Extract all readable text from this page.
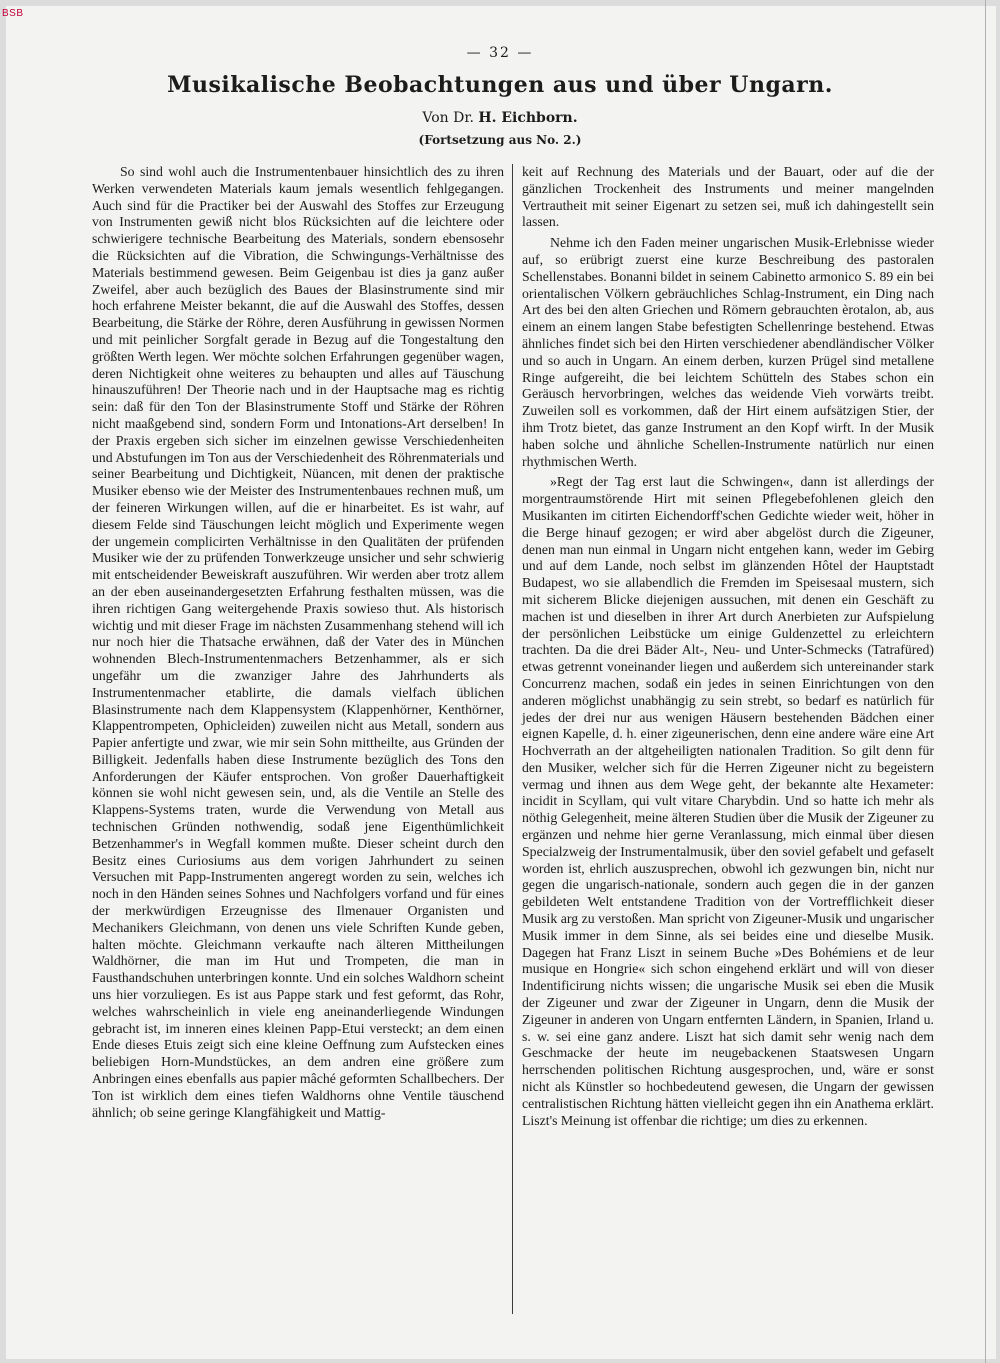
BSB
— 32 —
Musikalische Beobachtungen aus und über Ungarn.
Von Dr. H. Eichborn.
(Fortsetzung aus No. 2.)

So sind wohl auch die Instrumentenbauer hinsichtlich des zu ihren Werken verwendeten Materials kaum jemals wesentlich fehlgegangen. Auch sind für die Practiker bei der Auswahl des Stoffes zur Erzeugung von Instrumenten gewiß nicht blos Rücksichten auf die leichtere oder schwierigere technische Bearbeitung des Materials, sondern ebensosehr die Rücksichten auf die Vibration, die Schwingungs-Verhältnisse des Materials bestimmend gewesen. Beim Geigenbau ist dies ja ganz außer Zweifel, aber auch bezüglich des Baues der Blasinstrumente sind mir hoch erfahrene Meister bekannt, die auf die Auswahl des Stoffes, dessen Bearbeitung, die Stärke der Röhre, deren Ausführung in gewissen Normen und mit peinlicher Sorgfalt gerade in Bezug auf die Tongestaltung den größten Werth legen. Wer möchte solchen Erfahrungen gegenüber wagen, deren Nichtigkeit ohne weiteres zu behaupten und alles auf Täuschung hinauszuführen! Der Theorie nach und in der Hauptsache mag es richtig sein: daß für den Ton der Blasinstrumente Stoff und Stärke der Röhren nicht maaßgebend sind, sondern Form und Intonations-Art derselben! In der Praxis ergeben sich sicher im einzelnen gewisse Verschiedenheiten und Abstufungen im Ton aus der Verschiedenheit des Röhrenmaterials und seiner Bearbeitung und Dichtigkeit, Nüancen, mit denen der praktische Musiker ebenso wie der Meister des Instrumentenbaues rechnen muß, um der feineren Wirkungen willen, auf die er hinarbeitet. Es ist wahr, auf diesem Felde sind Täuschungen leicht möglich und Experimente wegen der ungemein complicirten Verhältnisse in den Qualitäten der prüfenden Musiker wie der zu prüfenden Tonwerkzeuge unsicher und sehr schwierig mit entscheidender Beweiskraft auszuführen. Wir werden aber trotz allem an der eben auseinandergesetzten Erfahrung festhalten müssen, was die ihren richtigen Gang weitergehende Praxis sowieso thut. Als historisch wichtig und mit dieser Frage im nächsten Zusammenhang stehend will ich nur noch hier die Thatsache erwähnen, daß der Vater des in München wohnenden Blech-Instrumentenmachers Betzenhammer, als er sich ungefähr um die zwanziger Jahre des Jahrhunderts als Instrumentenmacher etablirte, die damals vielfach üblichen Blasinstrumente nach dem Klappensystem (Klappenhörner, Kenthörner, Klappentrompeten, Ophicleiden) zuweilen nicht aus Metall, sondern aus Papier anfertigte und zwar, wie mir sein Sohn mittheilte, aus Gründen der Billigkeit. Jedenfalls haben diese Instrumente bezüglich des Tons den Anforderungen der Käufer entsprochen. Von großer Dauerhaftigkeit können sie wohl nicht gewesen sein, und, als die Ventile an Stelle des Klappens-Systems traten, wurde die Verwendung von Metall aus technischen Gründen nothwendig, sodaß jene Eigenthümlichkeit Betzenhammer's in Wegfall kommen mußte. Dieser scheint durch den Besitz eines Curiosiums aus dem vorigen Jahrhundert zu seinen Versuchen mit Papp-Instrumenten angeregt worden zu sein, welches ich noch in den Händen seines Sohnes und Nachfolgers vorfand und für eines der merkwürdigen Erzeugnisse des Ilmenauer Organisten und Mechanikers Gleichmann, von denen uns viele Schriften Kunde geben, halten möchte. Gleichmann verkaufte nach älteren Mittheilungen Waldhörner, die man im Hut und Trompeten, die man in Fausthandschuhen unterbringen konnte. Und ein solches Waldhorn scheint uns hier vorzuliegen. Es ist aus Pappe stark und fest geformt, das Rohr, welches wahrscheinlich in viele eng aneinanderliegende Windungen gebracht ist, im inneren eines kleinen Papp-Etui versteckt; an dem einen Ende dieses Etuis zeigt sich eine kleine Oeffnung zum Aufstecken eines beliebigen Horn-Mundstückes, an dem andren eine größere zum Anbringen eines ebenfalls aus papier mâché geformten Schallbechers. Der Ton ist wirklich dem eines tiefen Waldhorns ohne Ventile täuschend ähnlich; ob seine geringe Klangfähigkeit und Mattig-

keit auf Rechnung des Materials und der Bauart, oder auf die der gänzlichen Trockenheit des Instruments und meiner mangelnden Vertrautheit mit seiner Eigenart zu setzen sei, muß ich dahingestellt sein lassen.

Nehme ich den Faden meiner ungarischen Musik-Erlebnisse wieder auf, so erübrigt zuerst eine kurze Beschreibung des pastoralen Schellenstabes. Bonanni bildet in seinem Cabinetto armonico S. 89 ein bei orientalischen Völkern gebräuchliches Schlag-Instrument, ein Ding nach Art des bei den alten Griechen und Römern gebrauchten èrotalon, ab, aus einem an einem langen Stabe befestigten Schellenringe bestehend. Etwas ähnliches findet sich bei den Hirten verschiedener abendländischer Völker und so auch in Ungarn. An einem derben, kurzen Prügel sind metallene Ringe aufgereiht, die bei leichtem Schütteln des Stabes schon ein Geräusch hervorbringen, welches das weidende Vieh vorwärts treibt. Zuweilen soll es vorkommen, daß der Hirt einem aufsätzigen Stier, der ihm Trotz bietet, das ganze Instrument an den Kopf wirft. In der Musik haben solche und ähnliche Schellen-Instrumente natürlich nur einen rhythmischen Werth.

»Regt der Tag erst laut die Schwingen«, dann ist allerdings der morgentraumstörende Hirt mit seinen Pflegebefohlenen gleich den Musikanten im citirten Eichendorff'schen Gedichte wieder weit, höher in die Berge hinauf gezogen; er wird aber abgelöst durch die Zigeuner, denen man nun einmal in Ungarn nicht entgehen kann, weder im Gebirg und auf dem Lande, noch selbst im glänzenden Hôtel der Hauptstadt Budapest, wo sie allabendlich die Fremden im Speisesaal mustern, sich mit sicherem Blicke diejenigen aussuchen, mit denen ein Geschäft zu machen ist und dieselben in ihrer Art durch Anerbieten zur Aufspielung der persönlichen Leibstücke um einige Guldenzettel zu erleichtern trachten. Da die drei Bäder Alt-, Neu- und Unter-Schmecks (Tatrafüred) etwas getrennt voneinander liegen und außerdem sich untereinander stark Concurrenz machen, sodaß ein jedes in seinen Einrichtungen von den anderen möglichst unabhängig zu sein strebt, so bedarf es natürlich für jedes der drei nur aus wenigen Häusern bestehenden Bädchen einer eignen Kapelle, d. h. einer zigeunerischen, denn eine andere wäre eine Art Hochverrath an der altgeheiligten nationalen Tradition. So gilt denn für den Musiker, welcher sich für die Herren Zigeuner nicht zu begeistern vermag und ihnen aus dem Wege geht, der bekannte alte Hexameter: incidit in Scyllam, qui vult vitare Charybdin. Und so hatte ich mehr als nöthig Gelegenheit, meine älteren Studien über die Musik der Zigeuner zu ergänzen und nehme hier gerne Veranlassung, mich einmal über diesen Specialzweig der Instrumentalmusik, über den soviel gefabelt und gefaselt worden ist, ehrlich auszusprechen, obwohl ich gezwungen bin, nicht nur gegen die ungarisch-nationale, sondern auch gegen die in der ganzen gebildeten Welt entstandene Tradition von der Vortrefflichkeit dieser Musik arg zu verstoßen. Man spricht von Zigeuner-Musik und ungarischer Musik immer in dem Sinne, als sei beides eine und dieselbe Musik. Dagegen hat Franz Liszt in seinem Buche »Des Bohémiens et de leur musique en Hongrie« sich schon eingehend erklärt und will von dieser Indentificirung nichts wissen; die ungarische Musik sei eben die Musik der Zigeuner und zwar der Zigeuner in Ungarn, denn die Musik der Zigeuner in anderen von Ungarn entfernten Ländern, in Spanien, Irland u. s. w. sei eine ganz andere. Liszt hat sich damit sehr wenig nach dem Geschmacke der heute im neugebackenen Staatswesen Ungarn herrschenden politischen Richtung ausgesprochen, und, wäre er sonst nicht als Künstler so hochbedeutend gewesen, die Ungarn der gewissen centralistischen Richtung hätten vielleicht gegen ihn ein Anathema erklärt. Liszt's Meinung ist offenbar die richtige; um dies zu erkennen.
